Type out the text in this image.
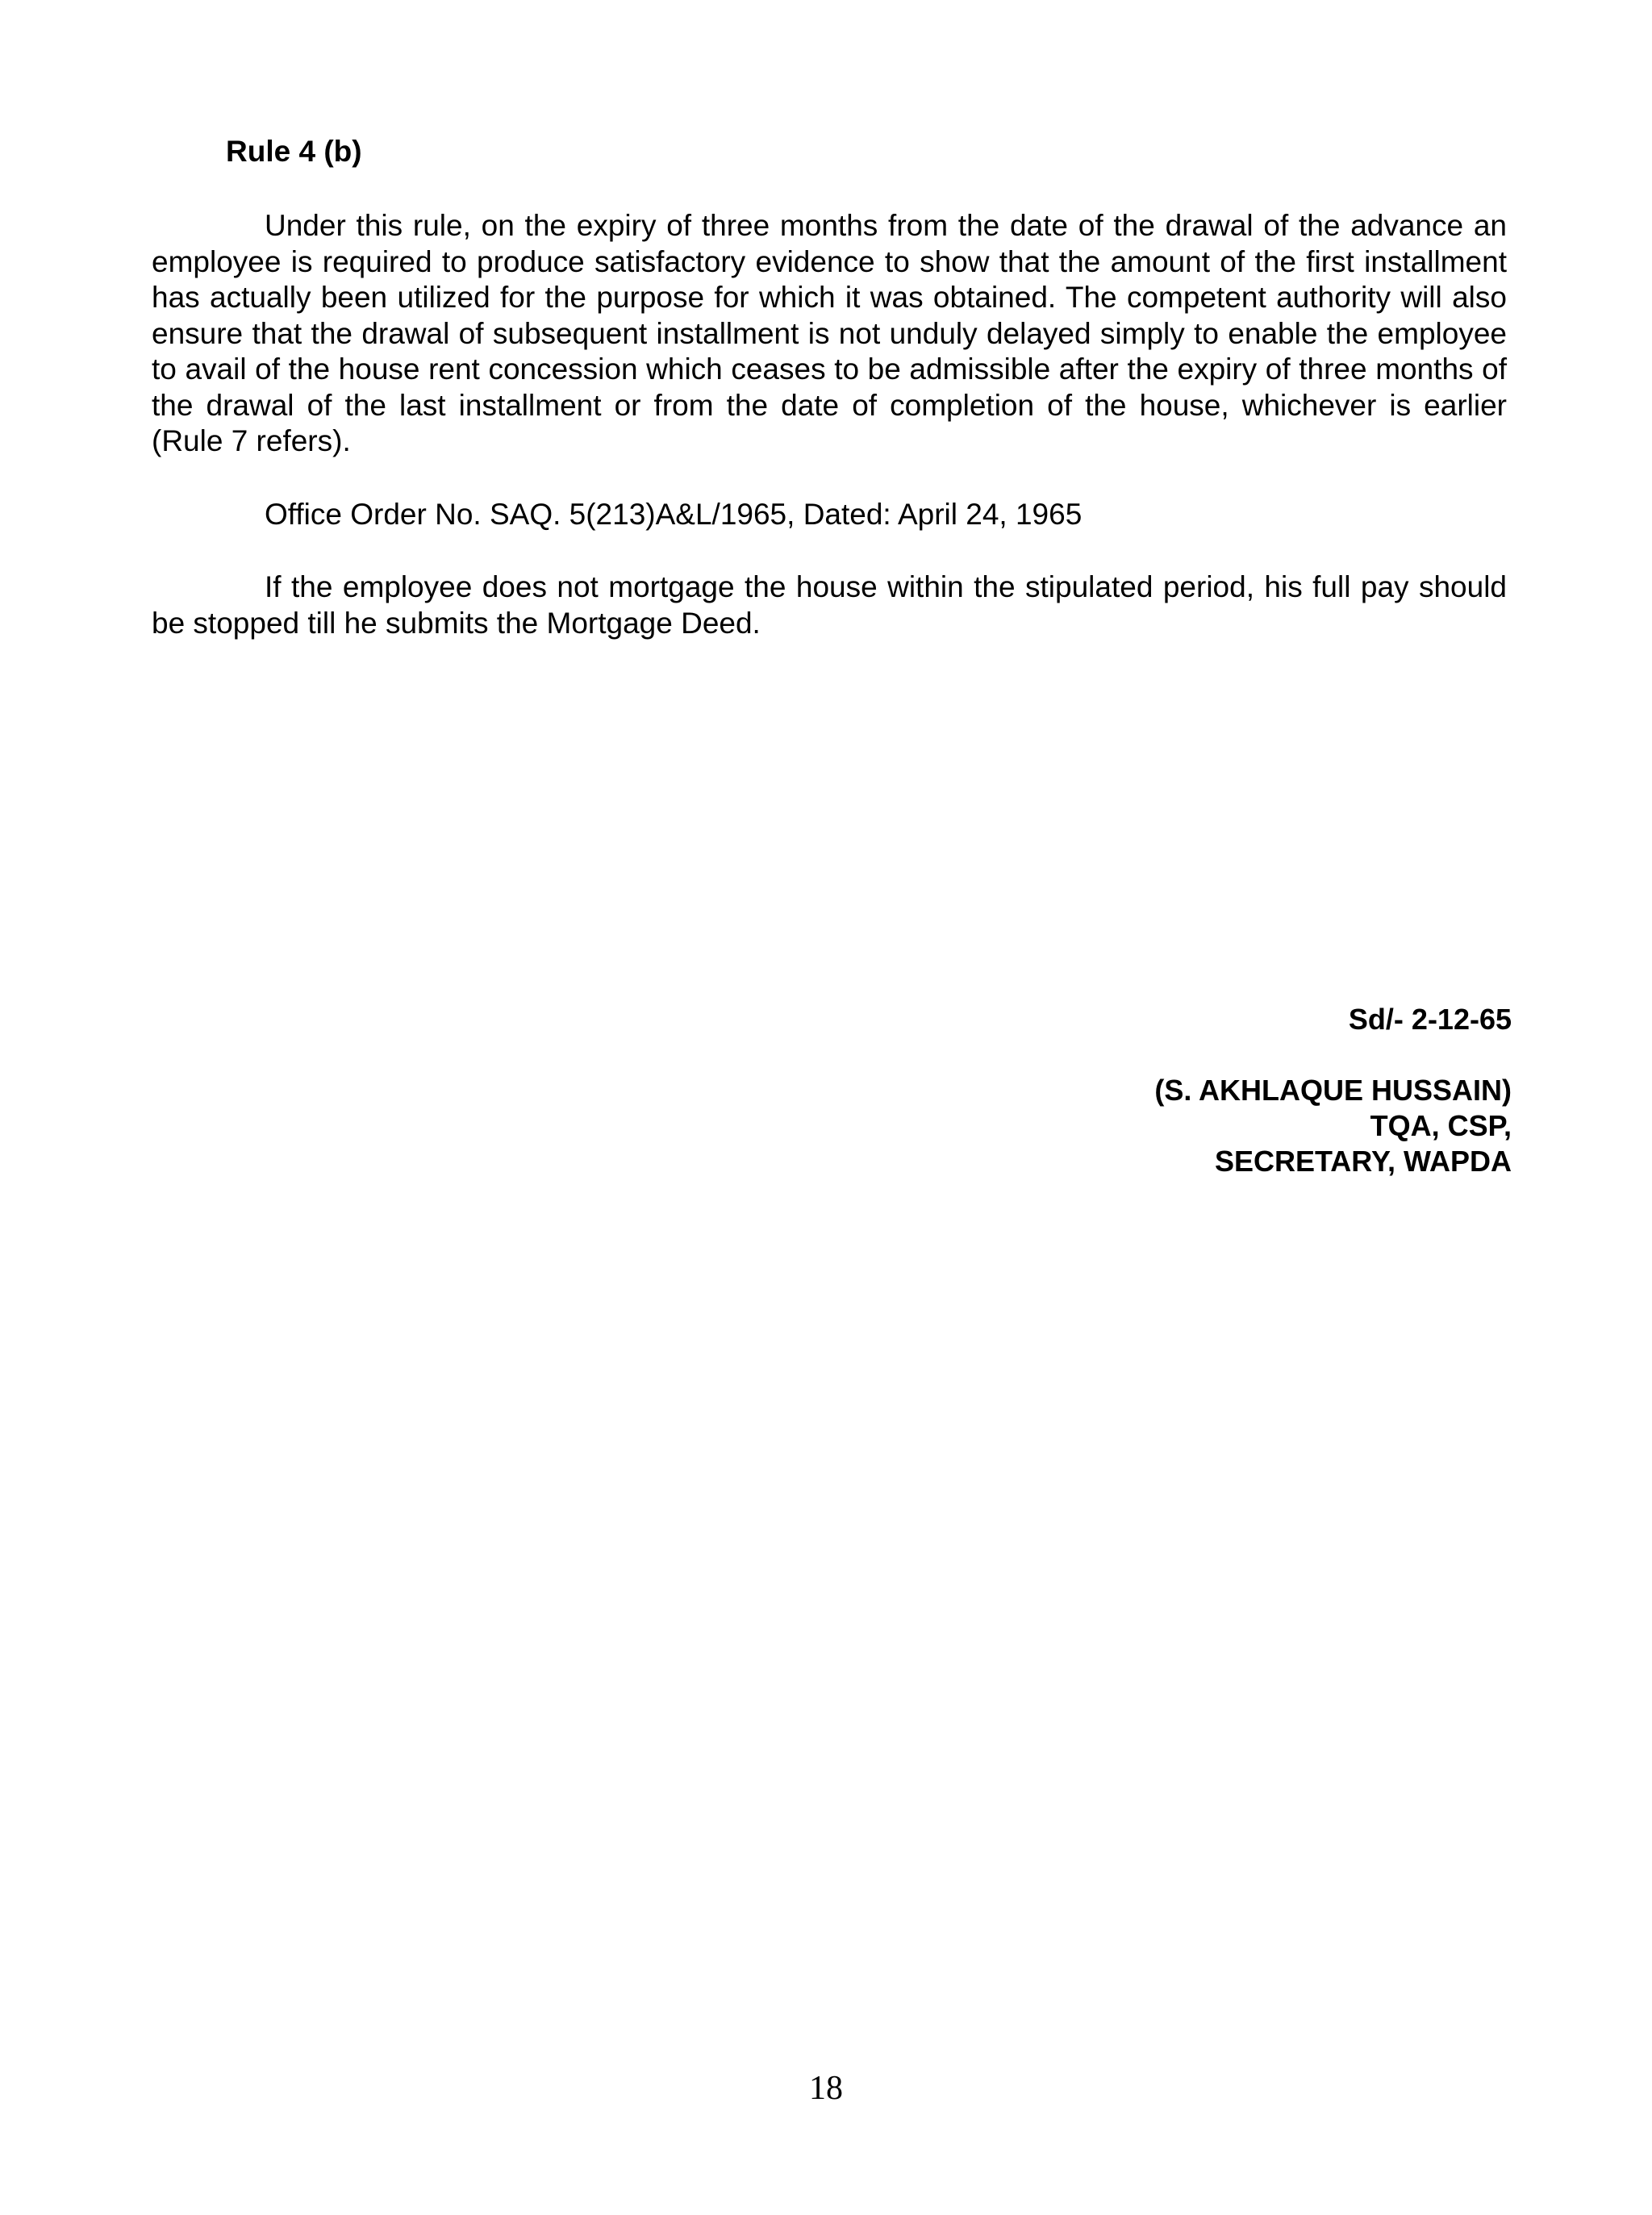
Rule 4 (b)

Under this rule, on the expiry of three months from the date of the drawal of the advance an employee is required to produce satisfactory evidence to show that the amount of the first installment has actually been utilized for the purpose for which it was obtained. The competent authority will also ensure that the drawal of subsequent installment is not unduly delayed simply to enable the employee to avail of the house rent concession which ceases to be admissible after the expiry of three months of the drawal of the last installment or from the date of completion of the house, whichever is earlier (Rule 7 refers).

Office Order No. SAQ. 5(213)A&L/1965, Dated: April 24, 1965

If the employee does not mortgage the house within the stipulated period, his full pay should be stopped till he submits the Mortgage Deed.

Sd/- 2-12-65
(S. AKHLAQUE HUSSAIN)
TQA, CSP,
SECRETARY, WAPDA
18
